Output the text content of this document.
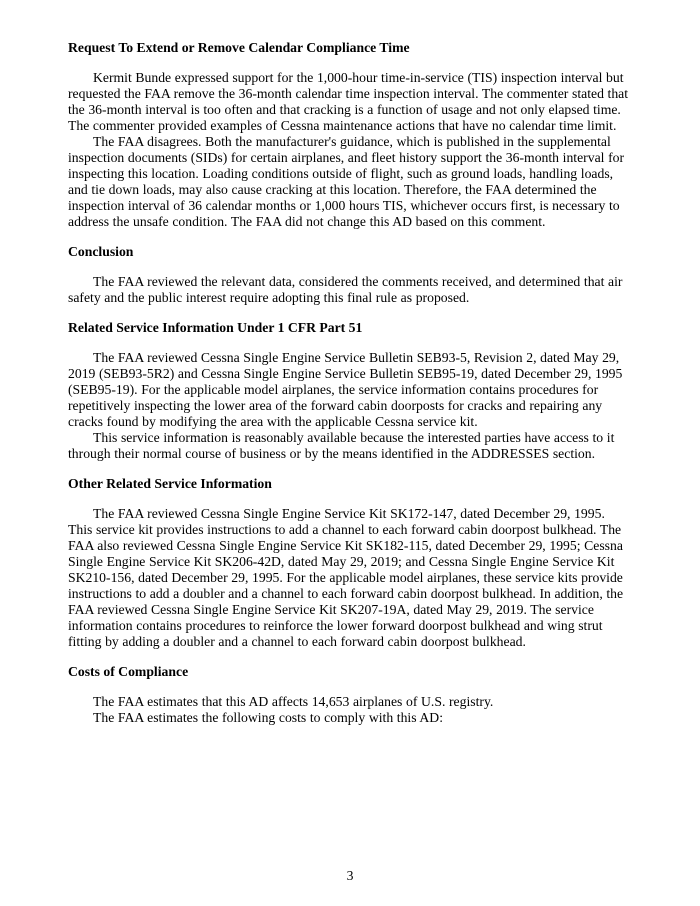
Request To Extend or Remove Calendar Compliance Time

Kermit Bunde expressed support for the 1,000-hour time-in-service (TIS) inspection interval but requested the FAA remove the 36-month calendar time inspection interval. The commenter stated that the 36-month interval is too often and that cracking is a function of usage and not only elapsed time. The commenter provided examples of Cessna maintenance actions that have no calendar time limit.

The FAA disagrees. Both the manufacturer's guidance, which is published in the supplemental inspection documents (SIDs) for certain airplanes, and fleet history support the 36-month interval for inspecting this location. Loading conditions outside of flight, such as ground loads, handling loads, and tie down loads, may also cause cracking at this location. Therefore, the FAA determined the inspection interval of 36 calendar months or 1,000 hours TIS, whichever occurs first, is necessary to address the unsafe condition. The FAA did not change this AD based on this comment.

Conclusion

The FAA reviewed the relevant data, considered the comments received, and determined that air safety and the public interest require adopting this final rule as proposed.

Related Service Information Under 1 CFR Part 51

The FAA reviewed Cessna Single Engine Service Bulletin SEB93-5, Revision 2, dated May 29, 2019 (SEB93-5R2) and Cessna Single Engine Service Bulletin SEB95-19, dated December 29, 1995 (SEB95-19). For the applicable model airplanes, the service information contains procedures for repetitively inspecting the lower area of the forward cabin doorposts for cracks and repairing any cracks found by modifying the area with the applicable Cessna service kit.

This service information is reasonably available because the interested parties have access to it through their normal course of business or by the means identified in the ADDRESSES section.

Other Related Service Information

The FAA reviewed Cessna Single Engine Service Kit SK172-147, dated December 29, 1995. This service kit provides instructions to add a channel to each forward cabin doorpost bulkhead. The FAA also reviewed Cessna Single Engine Service Kit SK182-115, dated December 29, 1995; Cessna Single Engine Service Kit SK206-42D, dated May 29, 2019; and Cessna Single Engine Service Kit SK210-156, dated December 29, 1995. For the applicable model airplanes, these service kits provide instructions to add a doubler and a channel to each forward cabin doorpost bulkhead. In addition, the FAA reviewed Cessna Single Engine Service Kit SK207-19A, dated May 29, 2019. The service information contains procedures to reinforce the lower forward doorpost bulkhead and wing strut fitting by adding a doubler and a channel to each forward cabin doorpost bulkhead.

Costs of Compliance

The FAA estimates that this AD affects 14,653 airplanes of U.S. registry.

The FAA estimates the following costs to comply with this AD:

3
